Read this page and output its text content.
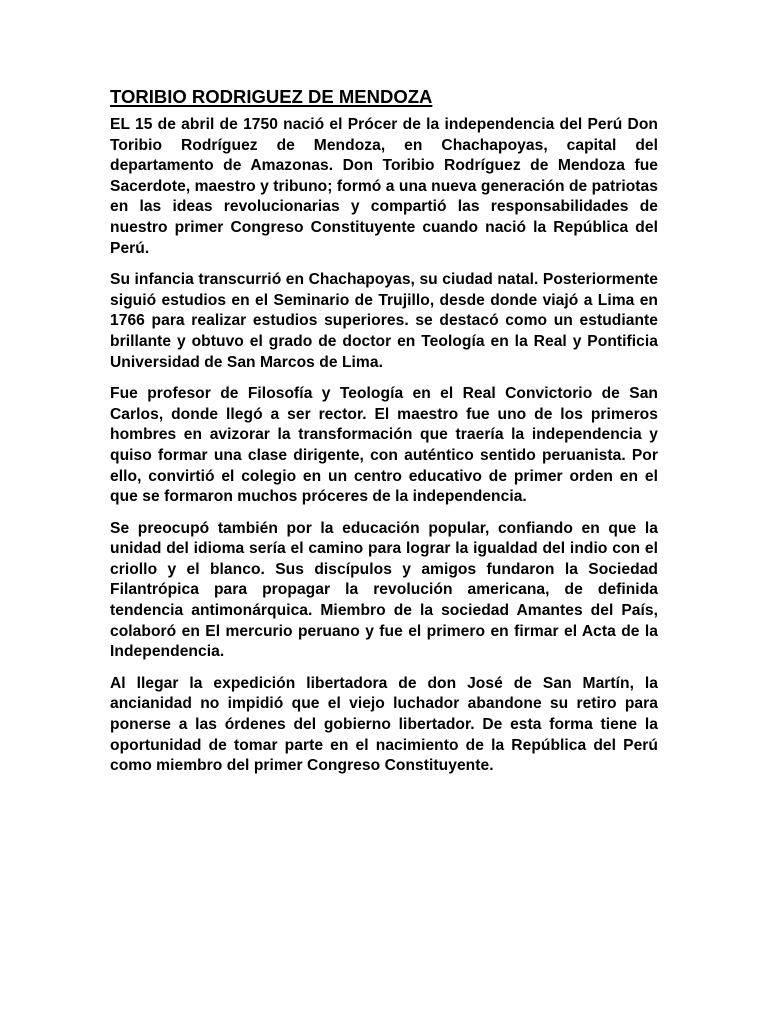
TORIBIO RODRIGUEZ DE MENDOZA

EL 15 de abril de 1750 nació el Prócer de la independencia del Perú Don Toribio Rodríguez de Mendoza, en Chachapoyas, capital del departamento de Amazonas. Don Toribio Rodríguez de Mendoza fue Sacerdote, maestro y tribuno; formó a una nueva generación de patriotas en las ideas revolucionarias y compartió las responsabilidades de nuestro primer Congreso Constituyente cuando nació la República del Perú.

Su infancia transcurrió en Chachapoyas, su ciudad natal. Posteriormente siguió estudios en el Seminario de Trujillo, desde donde viajó a Lima en 1766 para realizar estudios superiores. se destacó como un estudiante brillante y obtuvo el grado de doctor en Teología en la Real y Pontificia Universidad de San Marcos de Lima.

Fue profesor de Filosofía y Teología en el Real Convictorio de San Carlos, donde llegó a ser rector. El maestro fue uno de los primeros hombres en avizorar la transformación que traería la independencia y quiso formar una clase dirigente, con auténtico sentido peruanista. Por ello, convirtió el colegio en un centro educativo de primer orden en el que se formaron muchos próceres de la independencia.

Se preocupó también por la educación popular, confiando en que la unidad del idioma sería el camino para lograr la igualdad del indio con el criollo y el blanco. Sus discípulos y amigos fundaron la Sociedad Filantrópica para propagar la revolución americana, de definida tendencia antimonárquica. Miembro de la sociedad Amantes del País, colaboró en El mercurio peruano y fue el primero en firmar el Acta de la Independencia.

Al llegar la expedición libertadora de don José de San Martín, la ancianidad no impidió que el viejo luchador abandone su retiro para ponerse a las órdenes del gobierno libertador. De esta forma tiene la oportunidad de tomar parte en el nacimiento de la República del Perú como miembro del primer Congreso Constituyente.
